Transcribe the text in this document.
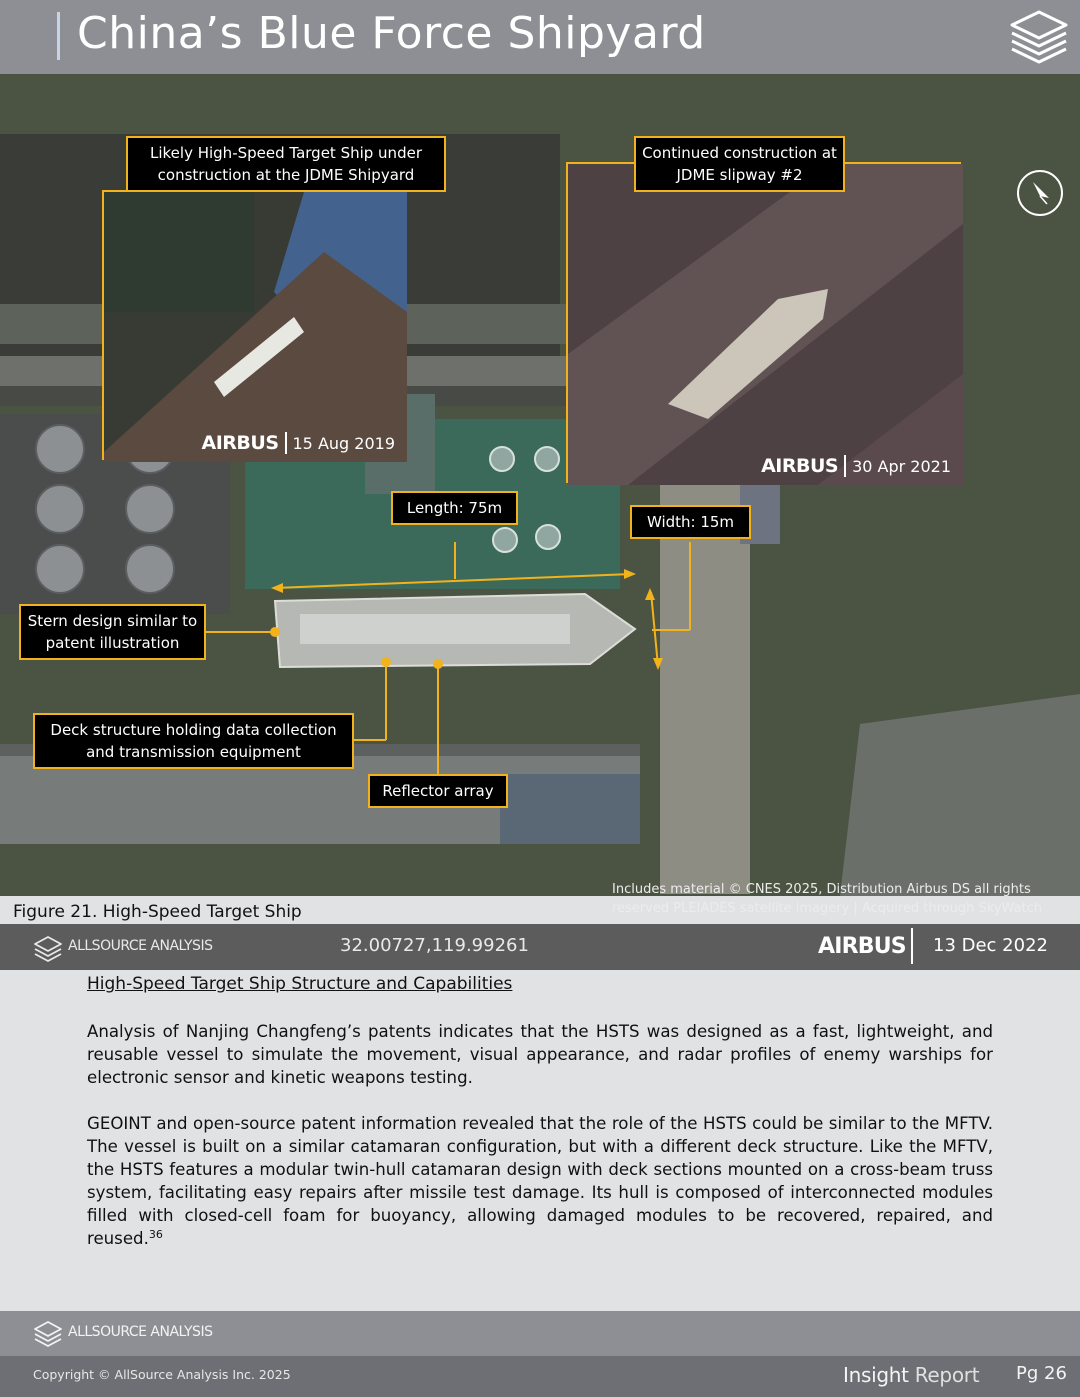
China’s Blue Force Shipyard
AIRBUS 15 Aug 2019
AIRBUS 30 Apr 2021
Likely High-Speed Target Ship under construction at the JDME Shipyard
Continued construction at JDME slipway #2
Length: 75m
Width: 15m
Stern design similar to patent illustration
Deck structure holding data collection and transmission equipment
Reflector array
Includes material © CNES 2025, Distribution Airbus DS all rights
reserved PLEIADES satellite imagery | Acquired through SkyWatch
ALLSOURCE ANALYSIS	32.00727,119.99261	AIRBUS 13 Dec 2022
Figure 21. High-Speed Target Ship
High-Speed Target Ship Structure and Capabilities

Analysis of Nanjing Changfeng’s patents indicates that the HSTS was designed as a fast, lightweight, and reusable vessel to simulate the movement, visual appearance, and radar profiles of enemy warships for electronic sensor and kinetic weapons testing.

GEOINT and open-source patent information revealed that the role of the HSTS could be similar to the MFTV. The vessel is built on a similar catamaran configuration, but with a different deck structure. Like the MFTV, the HSTS features a modular twin-hull catamaran design with deck sections mounted on a cross-beam truss system, facilitating easy repairs after missile test damage. Its hull is composed of interconnected modules filled with closed-cell foam for buoyancy, allowing damaged modules to be recovered, repaired, and reused.$^{36}$

ALLSOURCE ANALYSIS
Copyright © AllSource Analysis Inc. 2025	Insight Report Pg 26
